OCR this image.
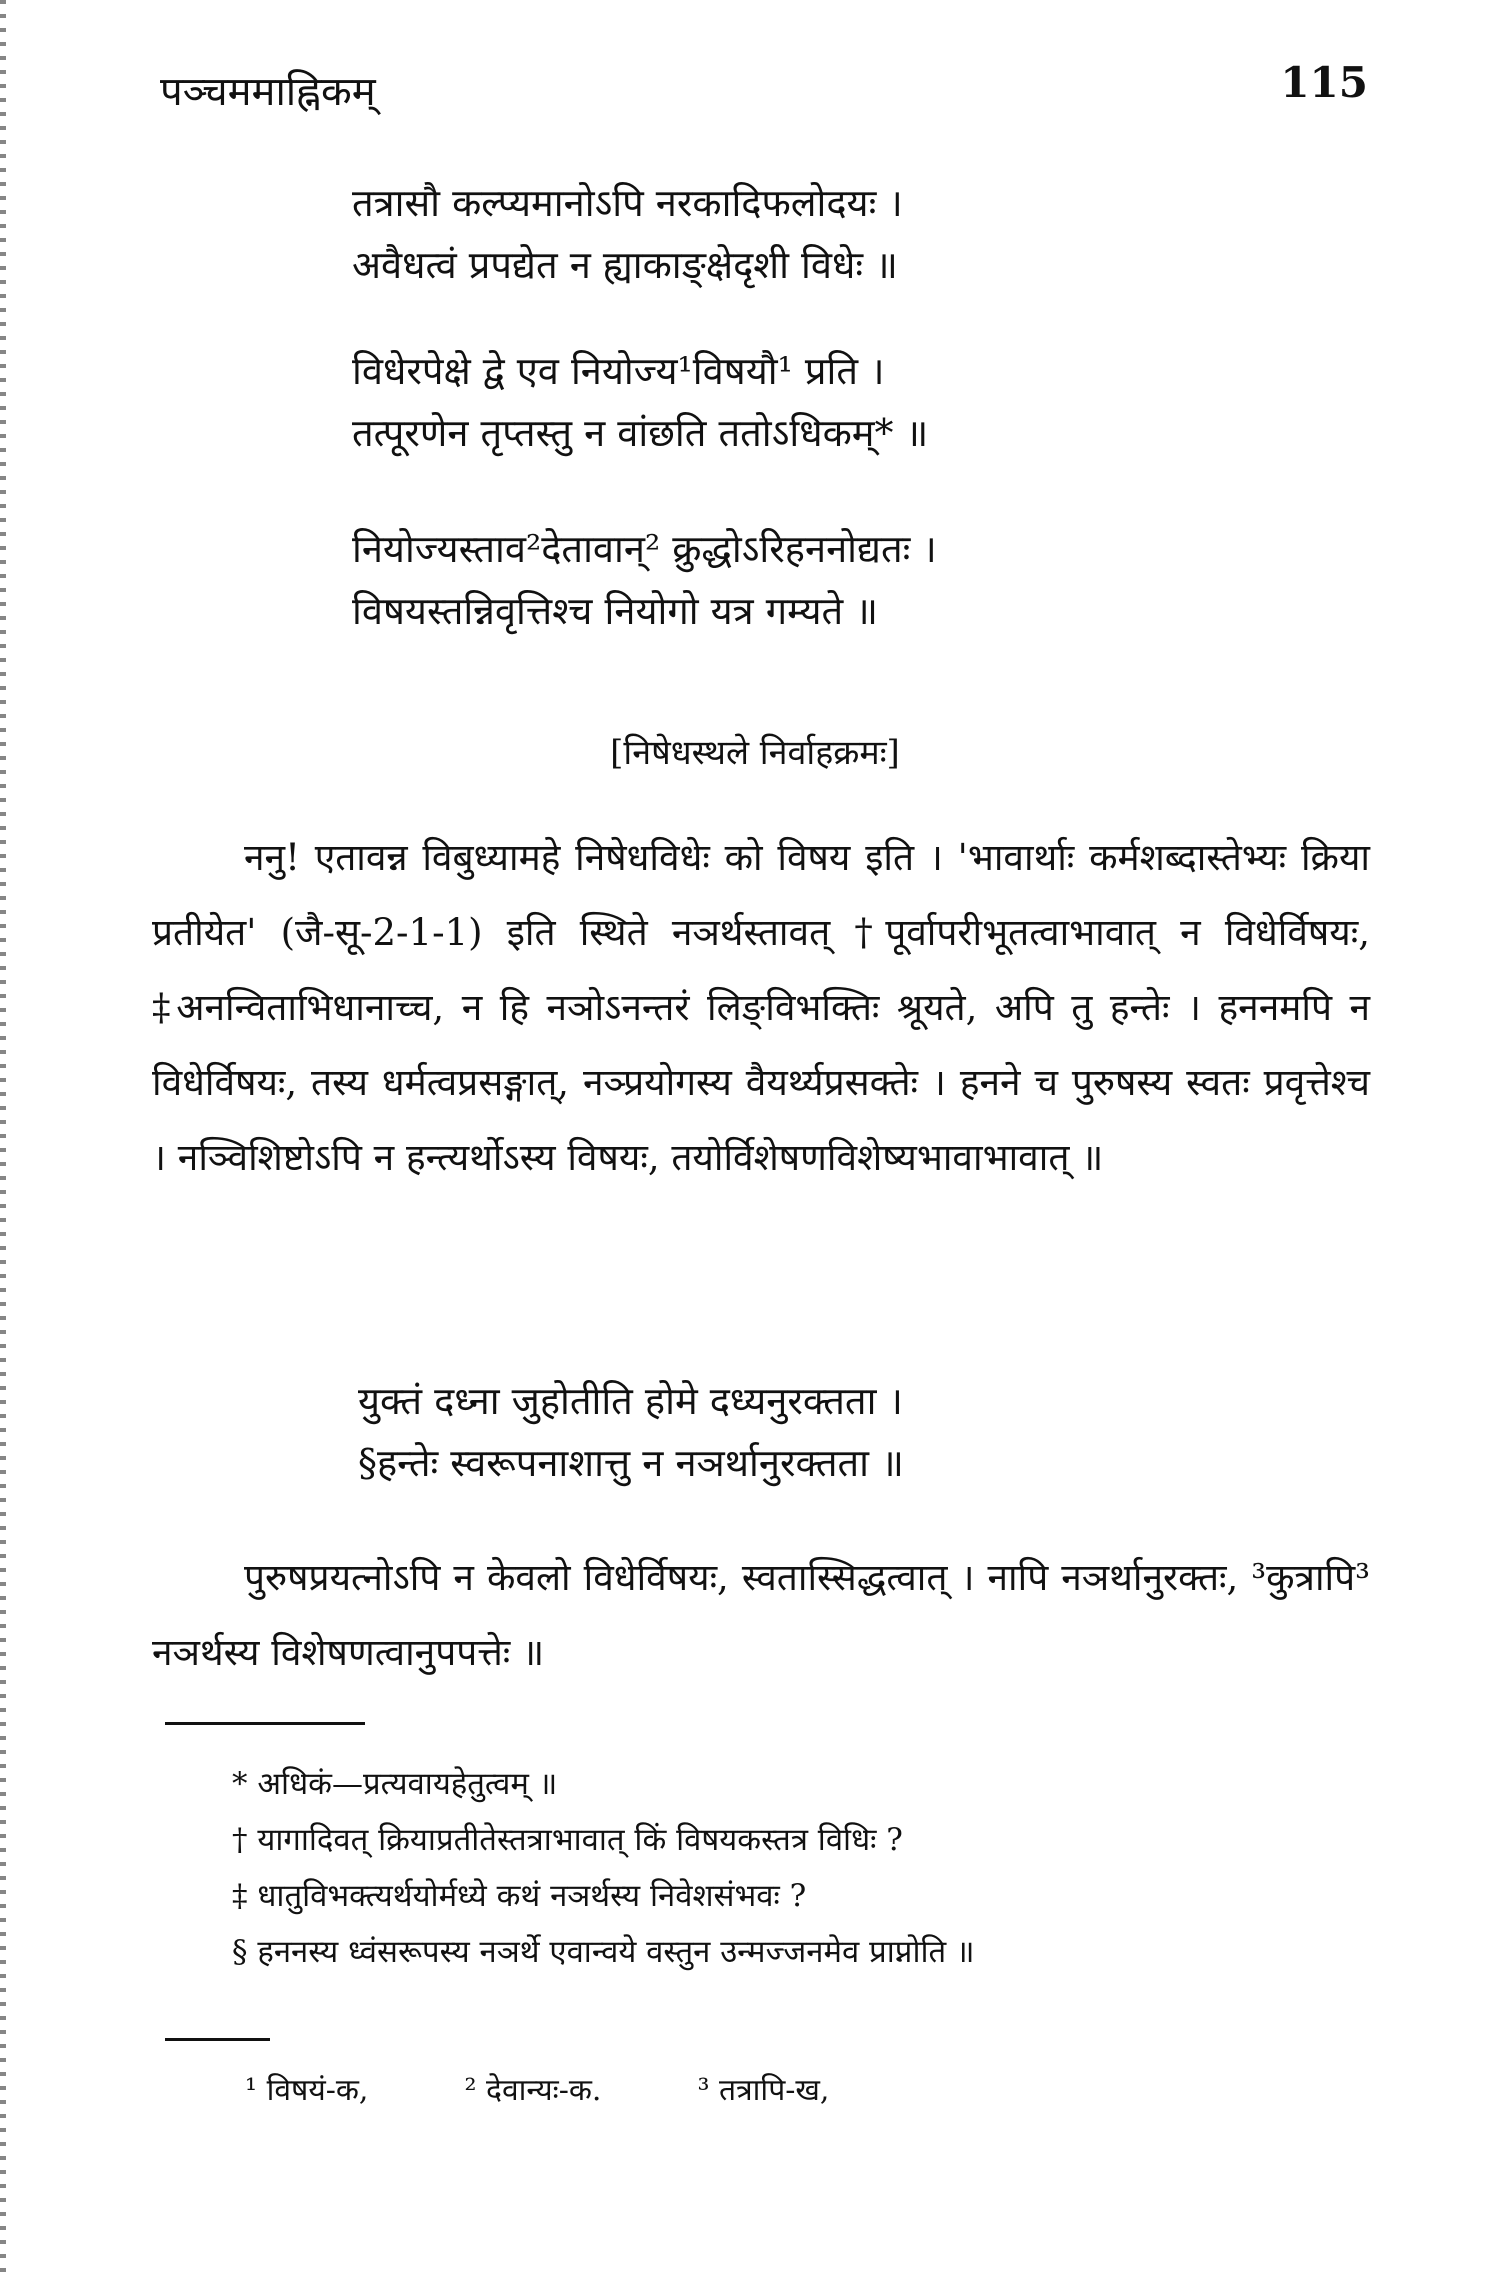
पञ्चममाह्निकम्	115
तत्रासौ कल्प्यमानोऽपि नरकादिफलोदयः ।
अवैधत्वं प्रपद्येत न ह्याकाङ्क्षेदृशी विधेः ॥
विधेरपेक्षे द्वे एव नियोज्य¹विषयौ¹ प्रति ।
तत्पूरणेन तृप्तस्तु न वांछति ततोऽधिकम्* ॥
नियोज्यस्ताव²देतावान्² क्रुद्धोऽरिहननोद्यतः ।
विषयस्तन्निवृत्तिश्च नियोगो यत्र गम्यते ॥
[निषेधस्थले निर्वाहक्रमः]

ननु! एतावन्न विबुध्यामहे निषेधविधेः को विषय इति । 'भावार्थाः कर्मशब्दास्तेभ्यः क्रिया प्रतीयेत' (जै-सू-2-1-1) इति स्थिते नञर्थस्तावत् †पूर्वापरीभूतत्वाभावात् न विधेर्विषयः, ‡अनन्विताभिधानाच्च, न हि नञोऽनन्तरं लिङ्विभक्तिः श्रूयते, अपि तु हन्तेः । हननमपि न विधेर्विषयः, तस्य धर्मत्वप्रसङ्गात्, नञ्प्रयोगस्य वैयर्थ्यप्रसक्तेः । हनने च पुरुषस्य स्वतः प्रवृत्तेश्च । नञ्विशिष्टोऽपि न हन्त्यर्थोऽस्य विषयः, तयोर्विशेषणविशेष्यभावाभावात् ॥

युक्तं दध्ना जुहोतीति होमे दध्यनुरक्तता ।
§हन्तेः स्वरूपनाशात्तु न नञर्थानुरक्तता ॥

पुरुषप्रयत्नोऽपि न केवलो विधेर्विषयः, स्वतास्सिद्धत्वात् । नापि नञर्थानुरक्तः, ³कुत्रापि³ नञर्थस्य विशेषणत्वानुपपत्तेः ॥

* अधिकं—प्रत्यवायहेतुत्वम् ॥
† यागादिवत् क्रियाप्रतीतेस्तत्राभावात् किं विषयकस्तत्र विधिः ?
‡ धातुविभक्त्यर्थयोर्मध्ये कथं नञर्थस्य निवेशसंभवः ?
§ हननस्य ध्वंसरूपस्य नञर्थे एवान्वये वस्तुन उन्मज्जनमेव प्राप्नोति ॥
¹ विषयं-क,	² देवान्यः-क.	³ तत्रापि-ख,
